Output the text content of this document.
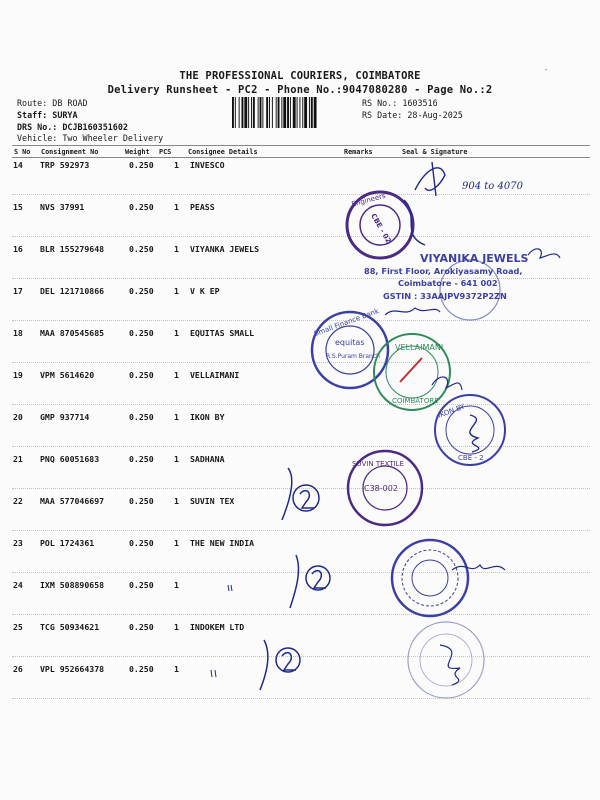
THE PROFESSIONAL COURIERS, COIMBATORE
Delivery Runsheet - PC2 - Phone No.:9047080280 - Page No.:2
Route: DB ROAD
Staff: SURYA
DRS No.: DCJB160351602
Vehicle: Two Wheeler Delivery
RS No.: 1603516
RS Date: 28-Aug-2025
S No Consignment No	Weight PCS Consignee Details	Remarks	Seal & Signature
14 TRP 592973	0.250 1 INVESCO
15 NVS 37991	0.250 1 PEASS
16 BLR 155279648	0.250 1 VIYANKA JEWELS
17 DEL 121710866	0.250 1 V K EP
18 MAA 870545685	0.250 1 EQUITAS SMALL
19 VPM 5614620	0.250 1 VELLAIMANI
20 GMP 937714	0.250 1 IKON BY
21 PNQ 60051683	0.250 1 SADHANA
22 MAA 577046697	0.250 1 SUVIN TEX
23 POL 1724361	0.250 1 THE NEW INDIA
24 IXM 508890658	0.250 1
25 TCG 50934621	0.250 1 INDOKEM LTD
26 VPL 952664378	0.250 1
904 to 4070
Engineers
CBE - 02
VIYANIKA JEWELS
88, First Floor, Arokiyasamy Road,
Coimbatore - 641 002
GSTIN : 33AAJPV9372P2ZN
Small Finance Bank
equitas
R.S.Puram Branch
VELLAIMANI
COIMBATORE
IKON BY
CBE - 2
SUVIN TEXTILE
C38-002
-
